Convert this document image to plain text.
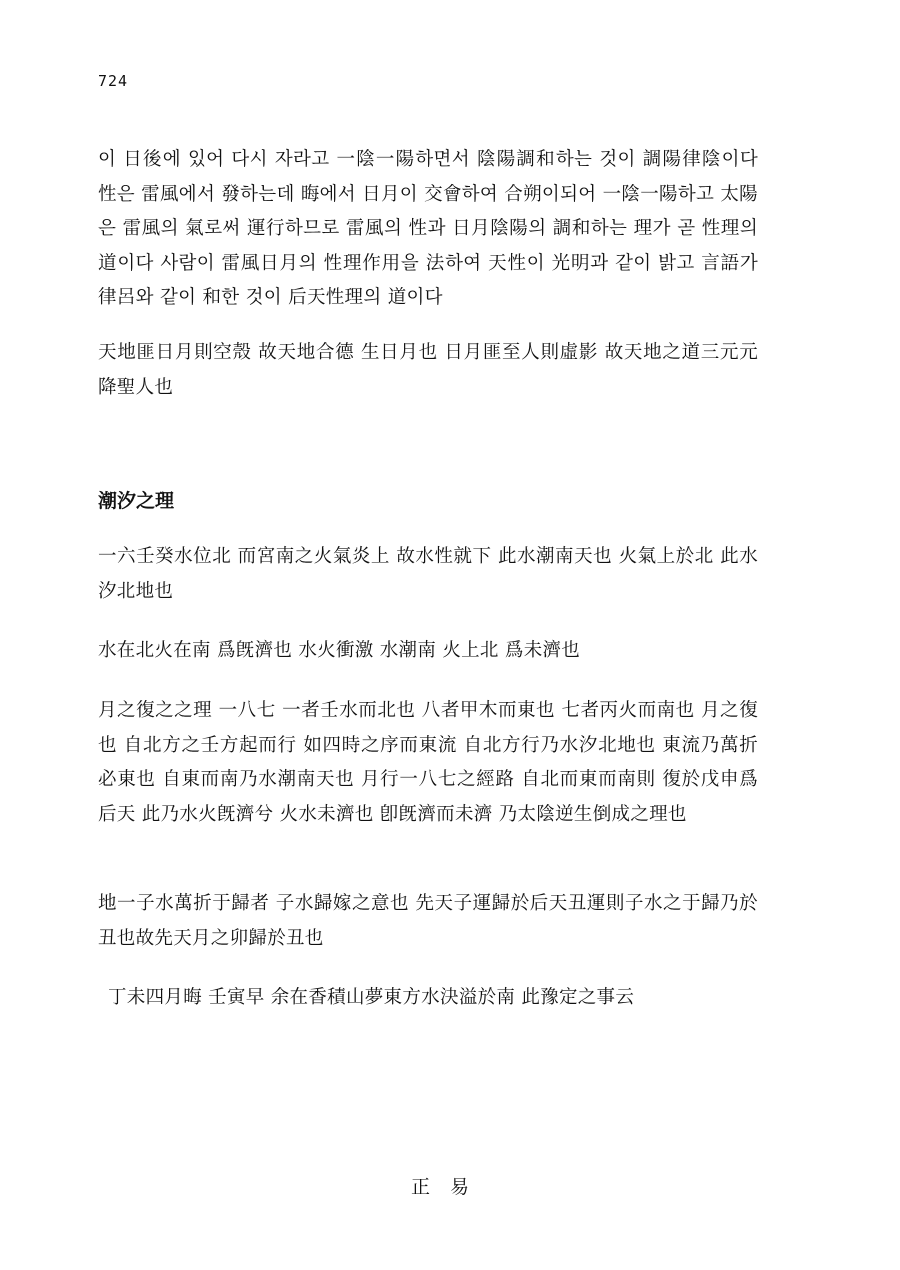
724

이 日後에 있어 다시 자라고 一陰一陽하면서 陰陽調和하는 것이 調陽律陰이다 性은 雷風에서 發하는데 晦에서 日月이 交會하여 合朔이되어 一陰一陽하고 太陽은 雷風의 氣로써 運行하므로 雷風의 性과 日月陰陽의 調和하는 理가 곧 性理의 道이다 사람이 雷風日月의 性理作用을 法하여 天性이 光明과 같이 밝고 言語가 律呂와 같이 和한 것이 后天性理의 道이다

天地匪日月則空殼 故天地合德 生日月也 日月匪至人則虛影 故天地之道三元元降聖人也

潮汐之理

一六壬癸水位北 而宮南之火氣炎上 故水性就下 此水潮南天也 火氣上於北 此水汐北地也

水在北火在南 爲旣濟也 水火衝激 水潮南 火上北 爲未濟也

月之復之之理 一八七 一者壬水而北也 八者甲木而東也 七者丙火而南也 月之復也 自北方之壬方起而行 如四時之序而東流 自北方行乃水汐北地也 東流乃萬折必東也 自東而南乃水潮南天也 月行一八七之經路 自北而東而南則 復於戊申爲后天 此乃水火旣濟兮 火水未濟也 卽旣濟而未濟 乃太陰逆生倒成之理也

地一子水萬折于歸者 子水歸嫁之意也 先天子運歸於后天丑運則子水之于歸乃於丑也故先天月之卯歸於丑也

丁未四月晦 壬寅早 余在香積山夢東方水決溢於南 此豫定之事云

正易
